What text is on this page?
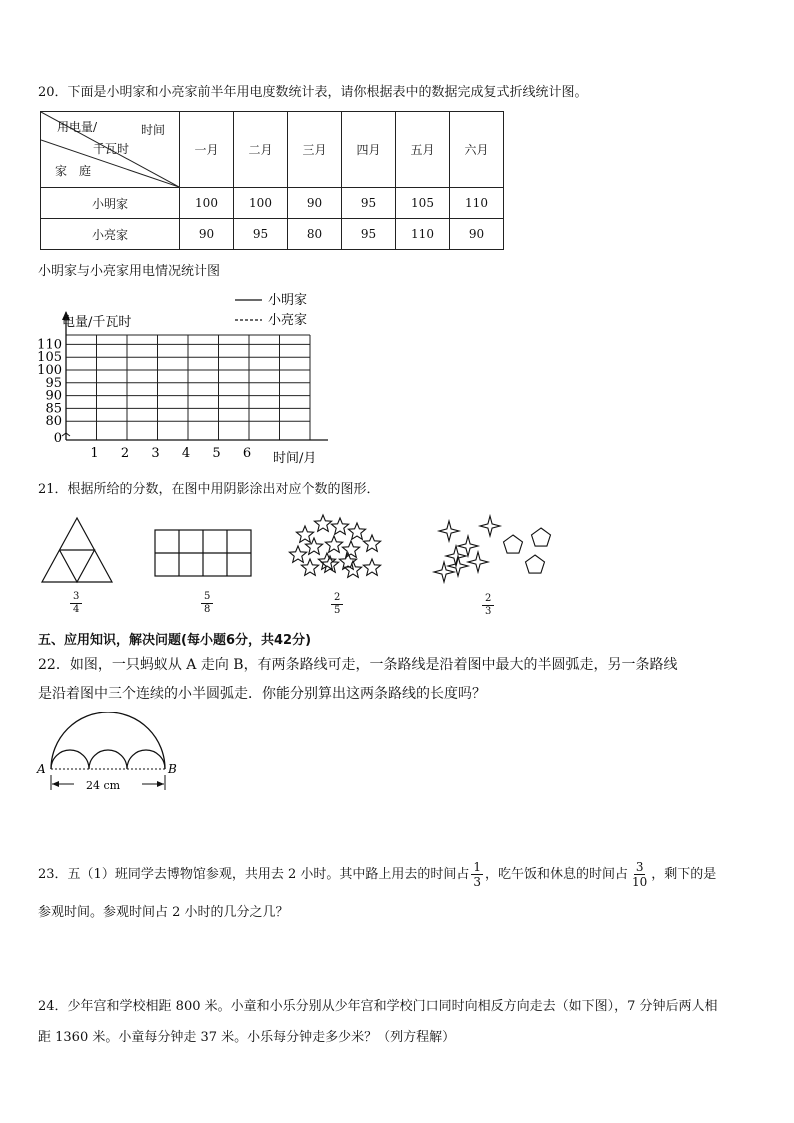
20．下面是小明家和小亮家前半年用电度数统计表，请你根据表中的数据完成复式折线统计图。
用电量/ 时间
千瓦时
家　庭	一月	二月	三月	四月	五月	六月
小明家	100	100	90	95	105	110
小亮家	90	95	80	95	110	90
小明家与小亮家用电情况统计图
0
80
85
90
95
100
105
110
1 2 3 4 5 6
电量/千瓦时
时间/月
小明家
小亮家
21．根据所给的分数，在图中用阴影涂出对应个数的图形．
$\frac{3}{4}$	$\frac{5}{8}$	$\frac{2}{5}$	$\frac{2}{3}$
五、应用知识，解决问题(每小题6分，共42分)
22．如图，一只蚂蚁从 A 走向 B，有两条路线可走，一条路线是沿着图中最大的半圆弧走，另一条路线
是沿着图中三个连续的小半圆弧走．你能分别算出这两条路线的长度吗？
A	B
24 cm
23．五（1）班同学去博物馆参观，共用去 2 小时。其中路上用去的时间占 $\frac{1}{3}$ ，吃午饭和休息的时间占 $\frac{3}{10}$ ，剩下的是
参观时间。参观时间占 2 小时的几分之几？
24．少年宫和学校相距 800 米。小童和小乐分别从少年宫和学校门口同时向相反方向走去（如下图），7 分钟后两人相
距 1360 米。小童每分钟走 37 米。小乐每分钟走多少米？（列方程解）
